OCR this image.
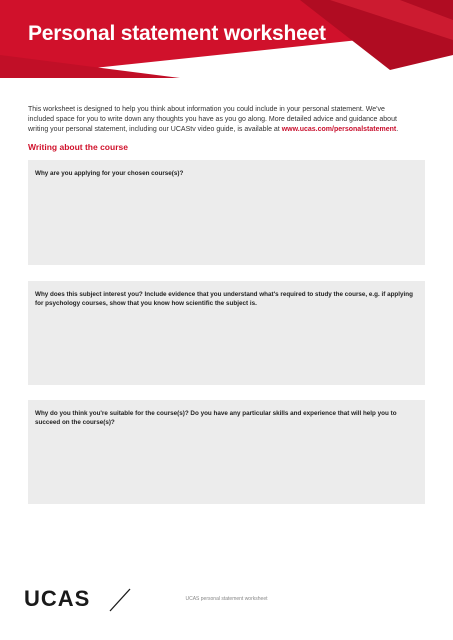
Personal statement worksheet

This worksheet is designed to help you think about information you could include in your personal statement. We've included space for you to write down any thoughts you have as you go along. More detailed advice and guidance about writing your personal statement, including our UCAStv video guide, is available at www.ucas.com/personalstatement.

Writing about the course

Why are you applying for your chosen course(s)?

Why does this subject interest you? Include evidence that you understand what's required to study the course, e.g. if applying for psychology courses, show that you know how scientific the subject is.

Why do you think you're suitable for the course(s)? Do you have any particular skills and experience that will help you to succeed on the course(s)?

UCAS	UCAS personal statement worksheet
